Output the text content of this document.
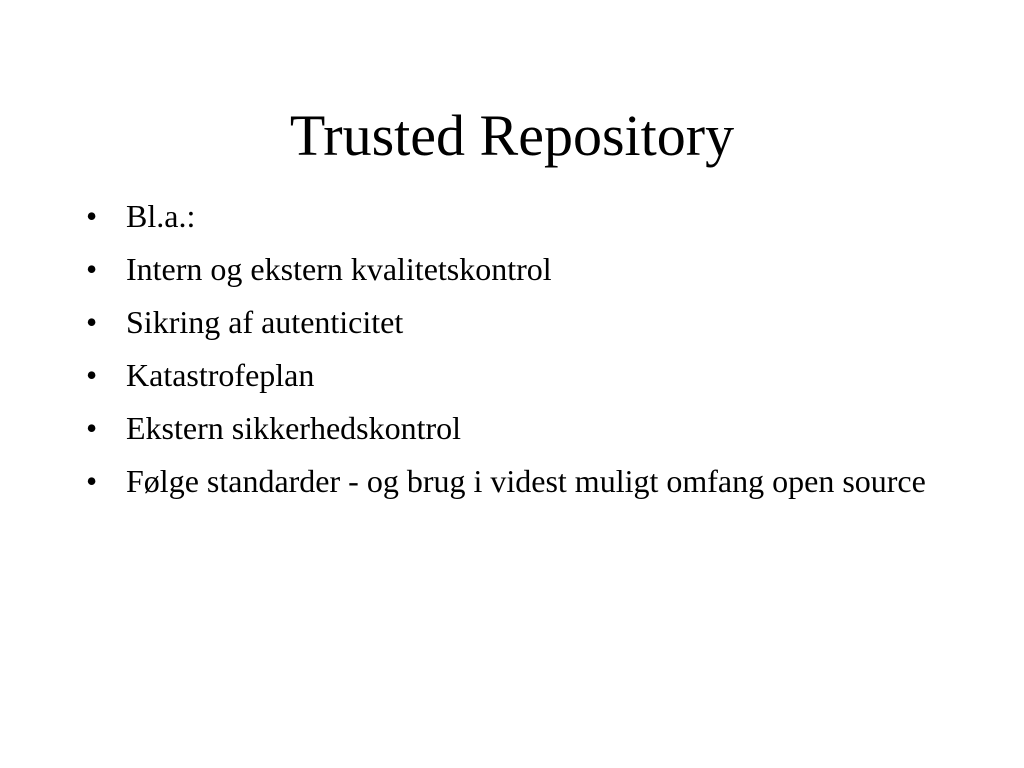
Trusted Repository
• Bl.a.:
• Intern og ekstern kvalitetskontrol
• Sikring af autenticitet
• Katastrofeplan
• Ekstern sikkerhedskontrol
• Følge standarder - og brug i videst muligt omfang open source
